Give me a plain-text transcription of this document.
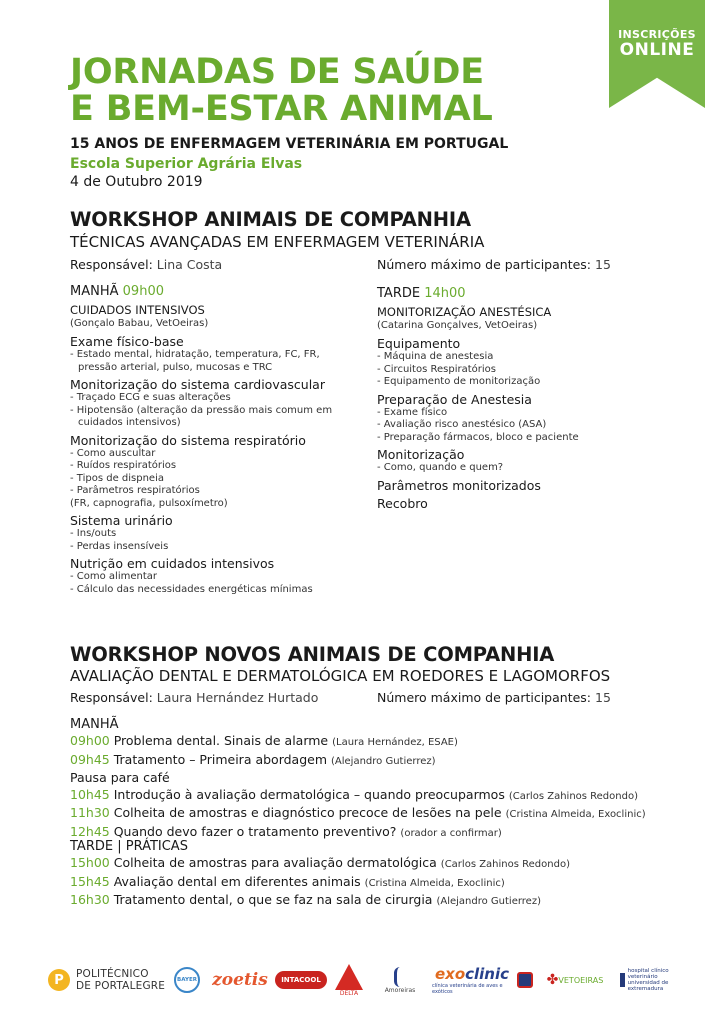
INSCRIÇÕES
ONLINE
JORNADAS DE SAÚDE
E BEM-ESTAR ANIMAL
15 ANOS DE ENFERMAGEM VETERINÁRIA EM PORTUGAL
Escola Superior Agrária Elvas
4 de Outubro 2019
WORKSHOP ANIMAIS DE COMPANHIA
TÉCNICAS AVANÇADAS EM ENFERMAGEM VETERINÁRIA
Responsável: Lina Costa	Número máximo de participantes: 15
MANHÃ 09h00
CUIDADOS INTENSIVOS
(Gonçalo Babau, VetOeiras)
Exame físico-base
- Estado mental, hidratação, temperatura, FC, FR,
pressão arterial, pulso, mucosas e TRC
Monitorização do sistema cardiovascular
- Traçado ECG e suas alterações
- Hipotensão (alteração da pressão mais comum em
cuidados intensivos)
Monitorização do sistema respiratório
- Como auscultar
- Ruídos respiratórios
- Tipos de dispneia
- Parâmetros respiratórios
(FR, capnografia, pulsoxímetro)
Sistema urinário
- Ins/outs
- Perdas insensíveis
Nutrição em cuidados intensivos
- Como alimentar
- Cálculo das necessidades energéticas mínimas
TARDE 14h00
MONITORIZAÇÃO ANESTÉSICA
(Catarina Gonçalves, VetOeiras)
Equipamento
- Máquina de anestesia
- Circuitos Respiratórios
- Equipamento de monitorização
Preparação de Anestesia
- Exame físico
- Avaliação risco anestésico (ASA)
- Preparação fármacos, bloco e paciente
Monitorização
- Como, quando e quem?
Parâmetros monitorizados
Recobro
WORKSHOP NOVOS ANIMAIS DE COMPANHIA
AVALIAÇÃO DENTAL E DERMATOLÓGICA EM ROEDORES E LAGOMORFOS
Responsável: Laura Hernández Hurtado	Número máximo de participantes: 15
MANHÃ
09h00 Problema dental. Sinais de alarme (Laura Hernández, ESAE)
09h45 Tratamento – Primeira abordagem (Alejandro Gutierrez)
Pausa para café
10h45 Introdução à avaliação dermatológica – quando preocuparmos (Carlos Zahinos Redondo)
11h30 Colheita de amostras e diagnóstico precoce de lesões na pele (Cristina Almeida, Exoclinic)
12h45 Quando devo fazer o tratamento preventivo? (orador a confirmar)
TARDE | PRÁTICAS
15h00 Colheita de amostras para avaliação dermatológica (Carlos Zahinos Redondo)
15h45 Avaliação dental em diferentes animais (Cristina Almeida, Exoclinic)
16h30 Tratamento dental, o que se faz na sala de cirurgia (Alejandro Gutierrez)
P	POLITÉCNICO
DE PORTALEGRE	BAYER zoetis	INTACOOL
DELTA	Amoreiras
exoclinic
clínica veterinária de aves e exóticos
✤ VETOEIRAS
hospital clínico veterinário universidad de extremadura
